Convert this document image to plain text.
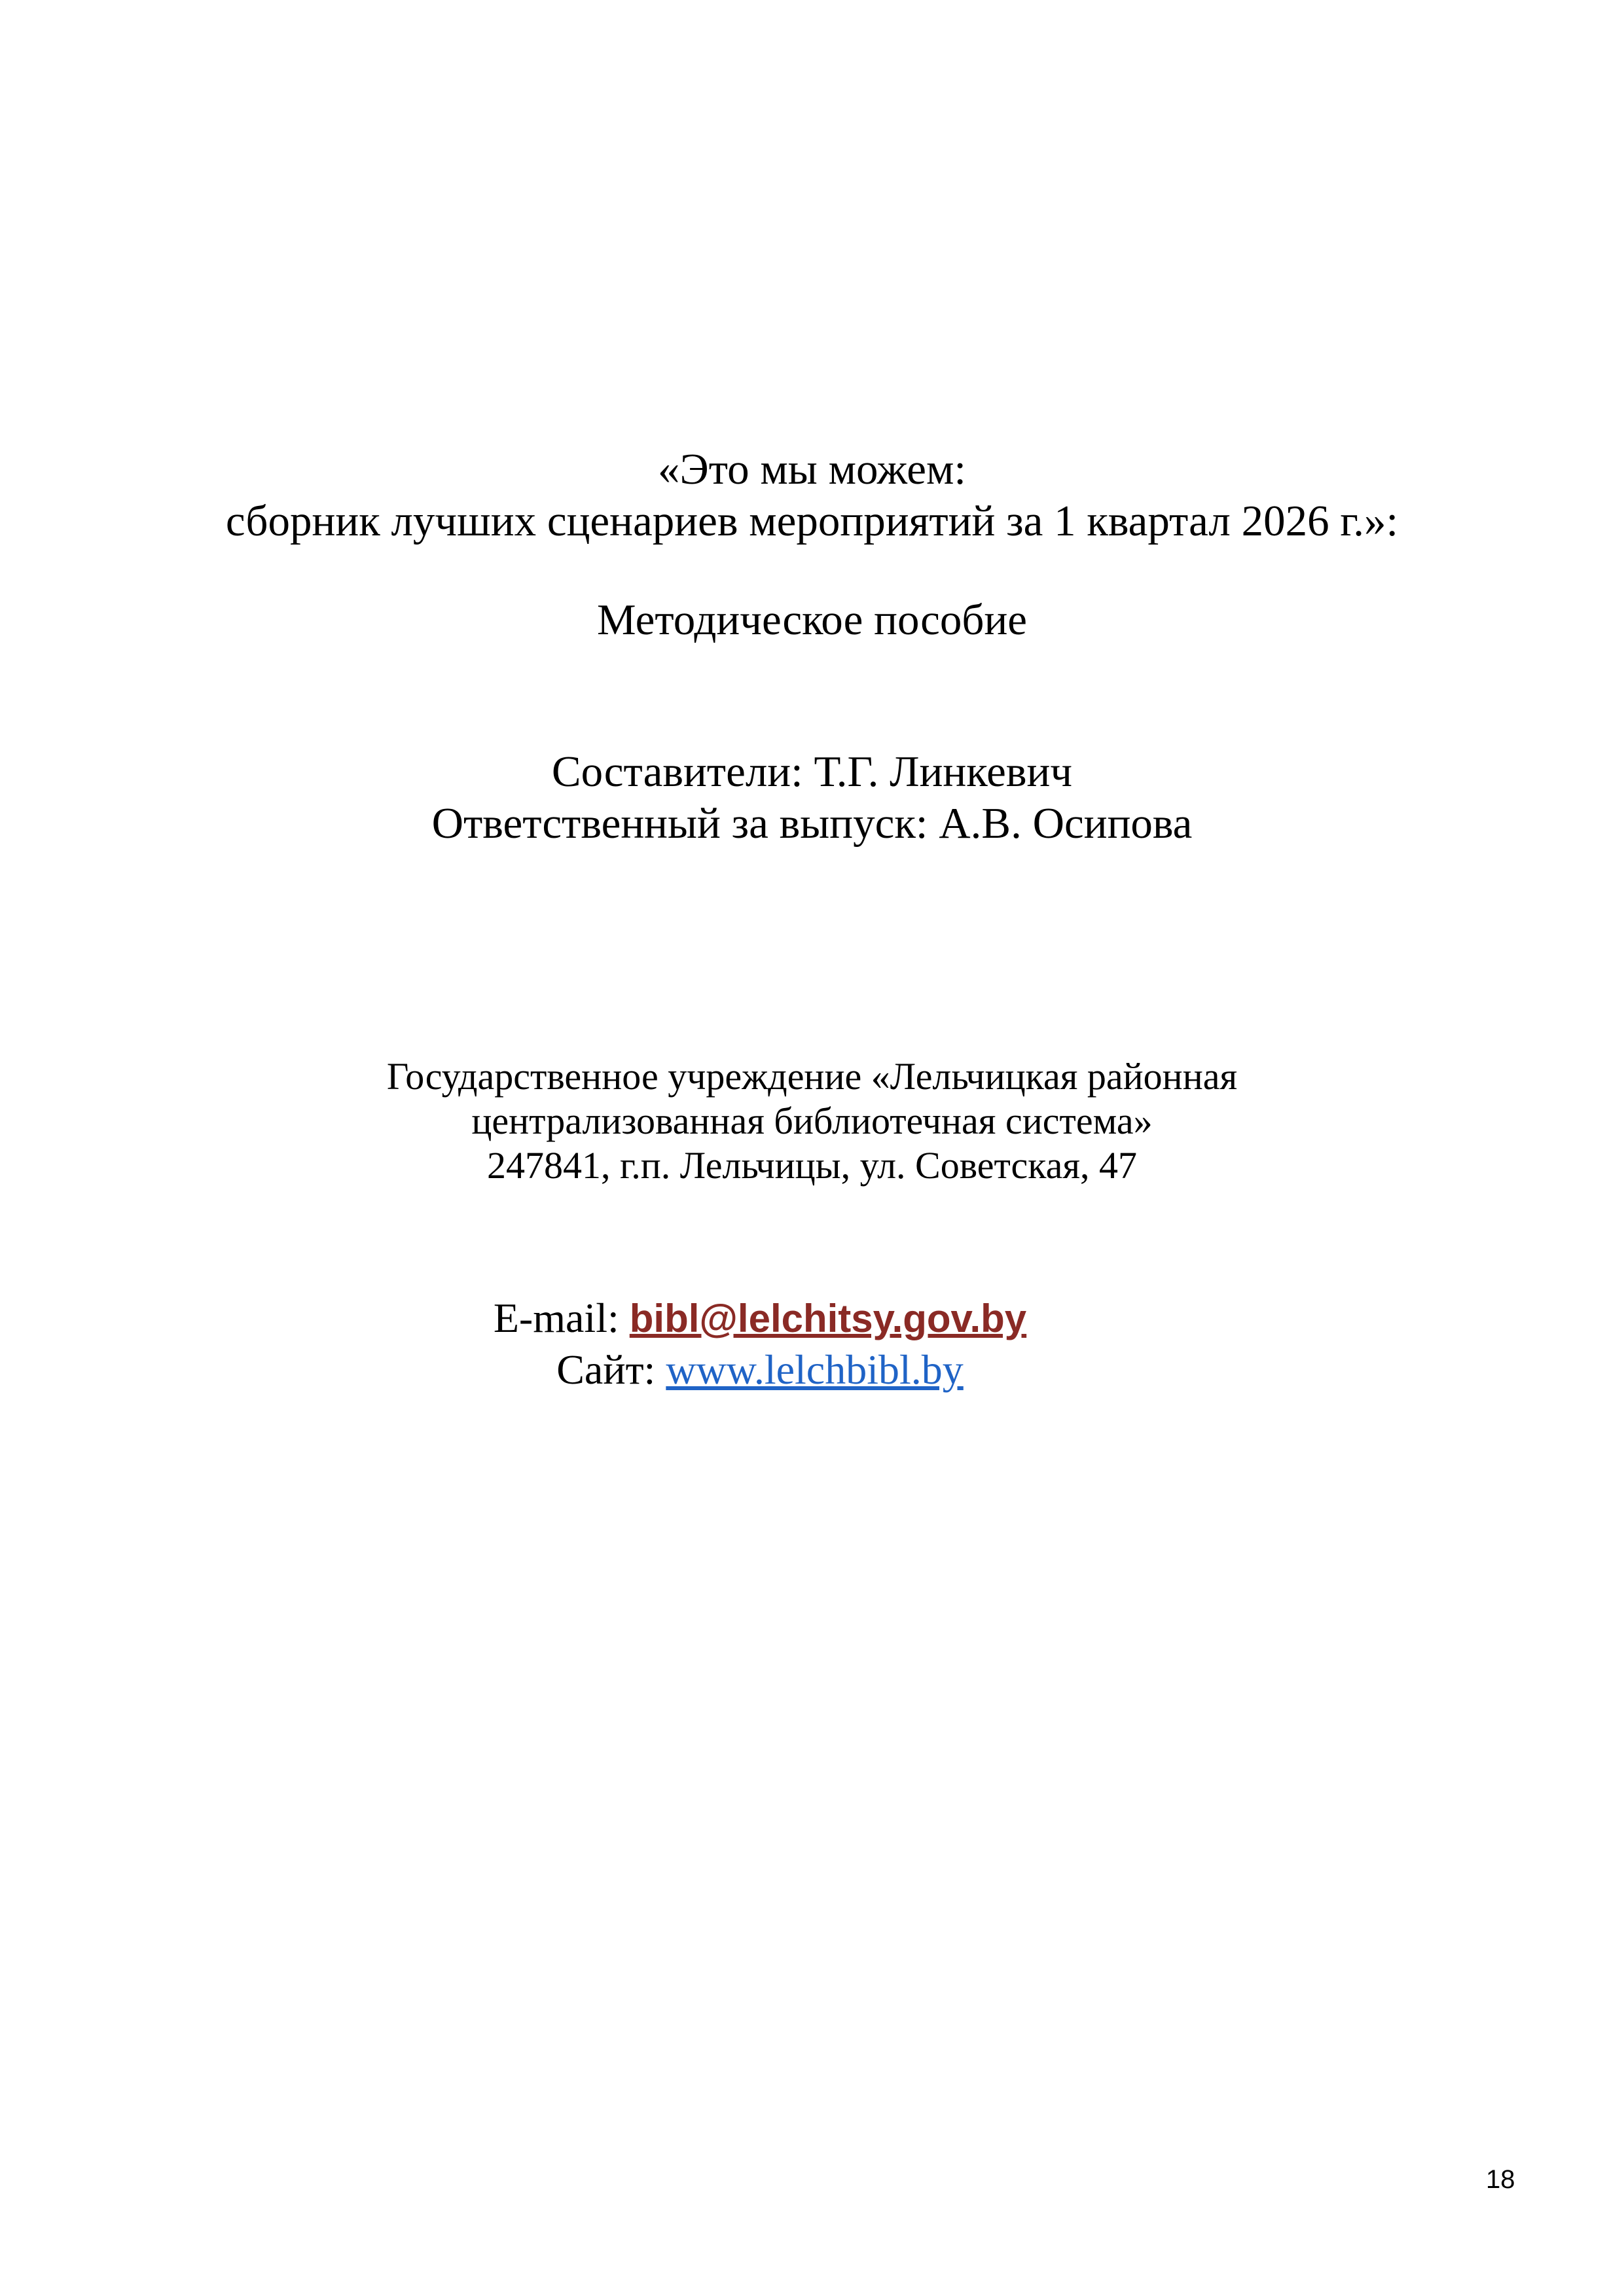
«Это мы можем:
сборник лучших сценариев мероприятий за 1 квартал 2026 г.»:
Методическое пособие
Составители: Т.Г. Линкевич
Ответственный за выпуск: А.В. Осипова
Государственное учреждение «Лельчицкая районная
централизованная библиотечная система»
247841, г.п. Лельчицы, ул. Советская, 47
E-mail: bibl@lelchitsy.gov.by
Сайт: www.lelchbibl.by
18
